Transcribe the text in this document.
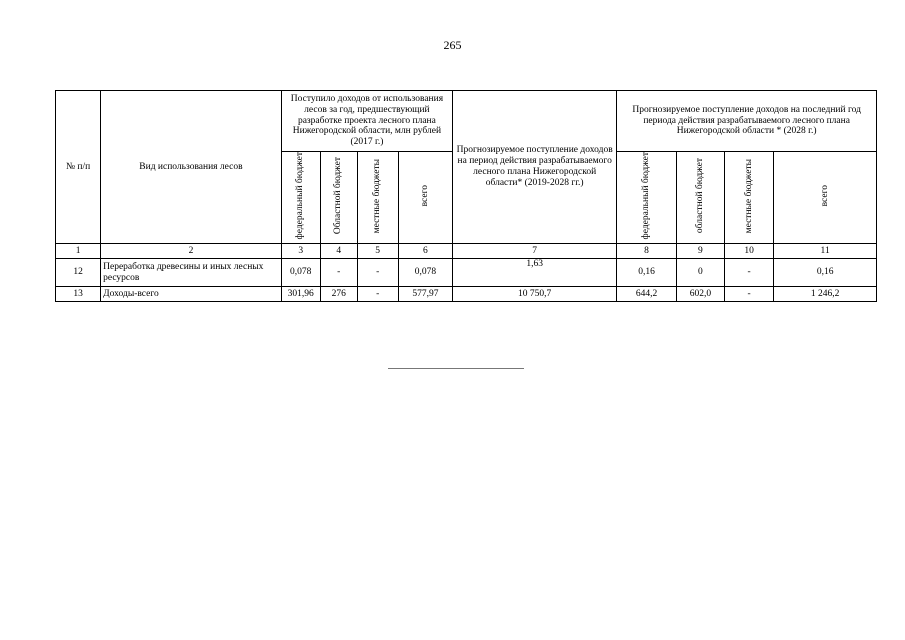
265
№ п/п	Вид использования лесов	Поступило доходов от использования лесов за год, предшествующий разработке проекта лесного плана Нижегородской области, млн рублей (2017 г.)				Прогнозируемое поступление доходов на период действия разрабатываемого лесного плана Нижегородской области* (2019-2028 гг.)	Прогнозируемое поступление доходов на последний год периода действия разрабатываемого лесного плана Нижегородской области * (2028 г.)			
		федеральный бюджет	Областной бюджет	местные бюджеты	всего		федеральный бюджет	областной бюджет	местные бюджеты	всего
1	2	3	4	5	6	7	8	9	10	11
12	Переработка древесины и иных лесных ресурсов	0,078	-	-	0,078	1,63	0,16	0	-	0,16
13	Доходы-всего	301,96	276	-	577,97	10 750,7	644,2	602,0	-	1 246,2
